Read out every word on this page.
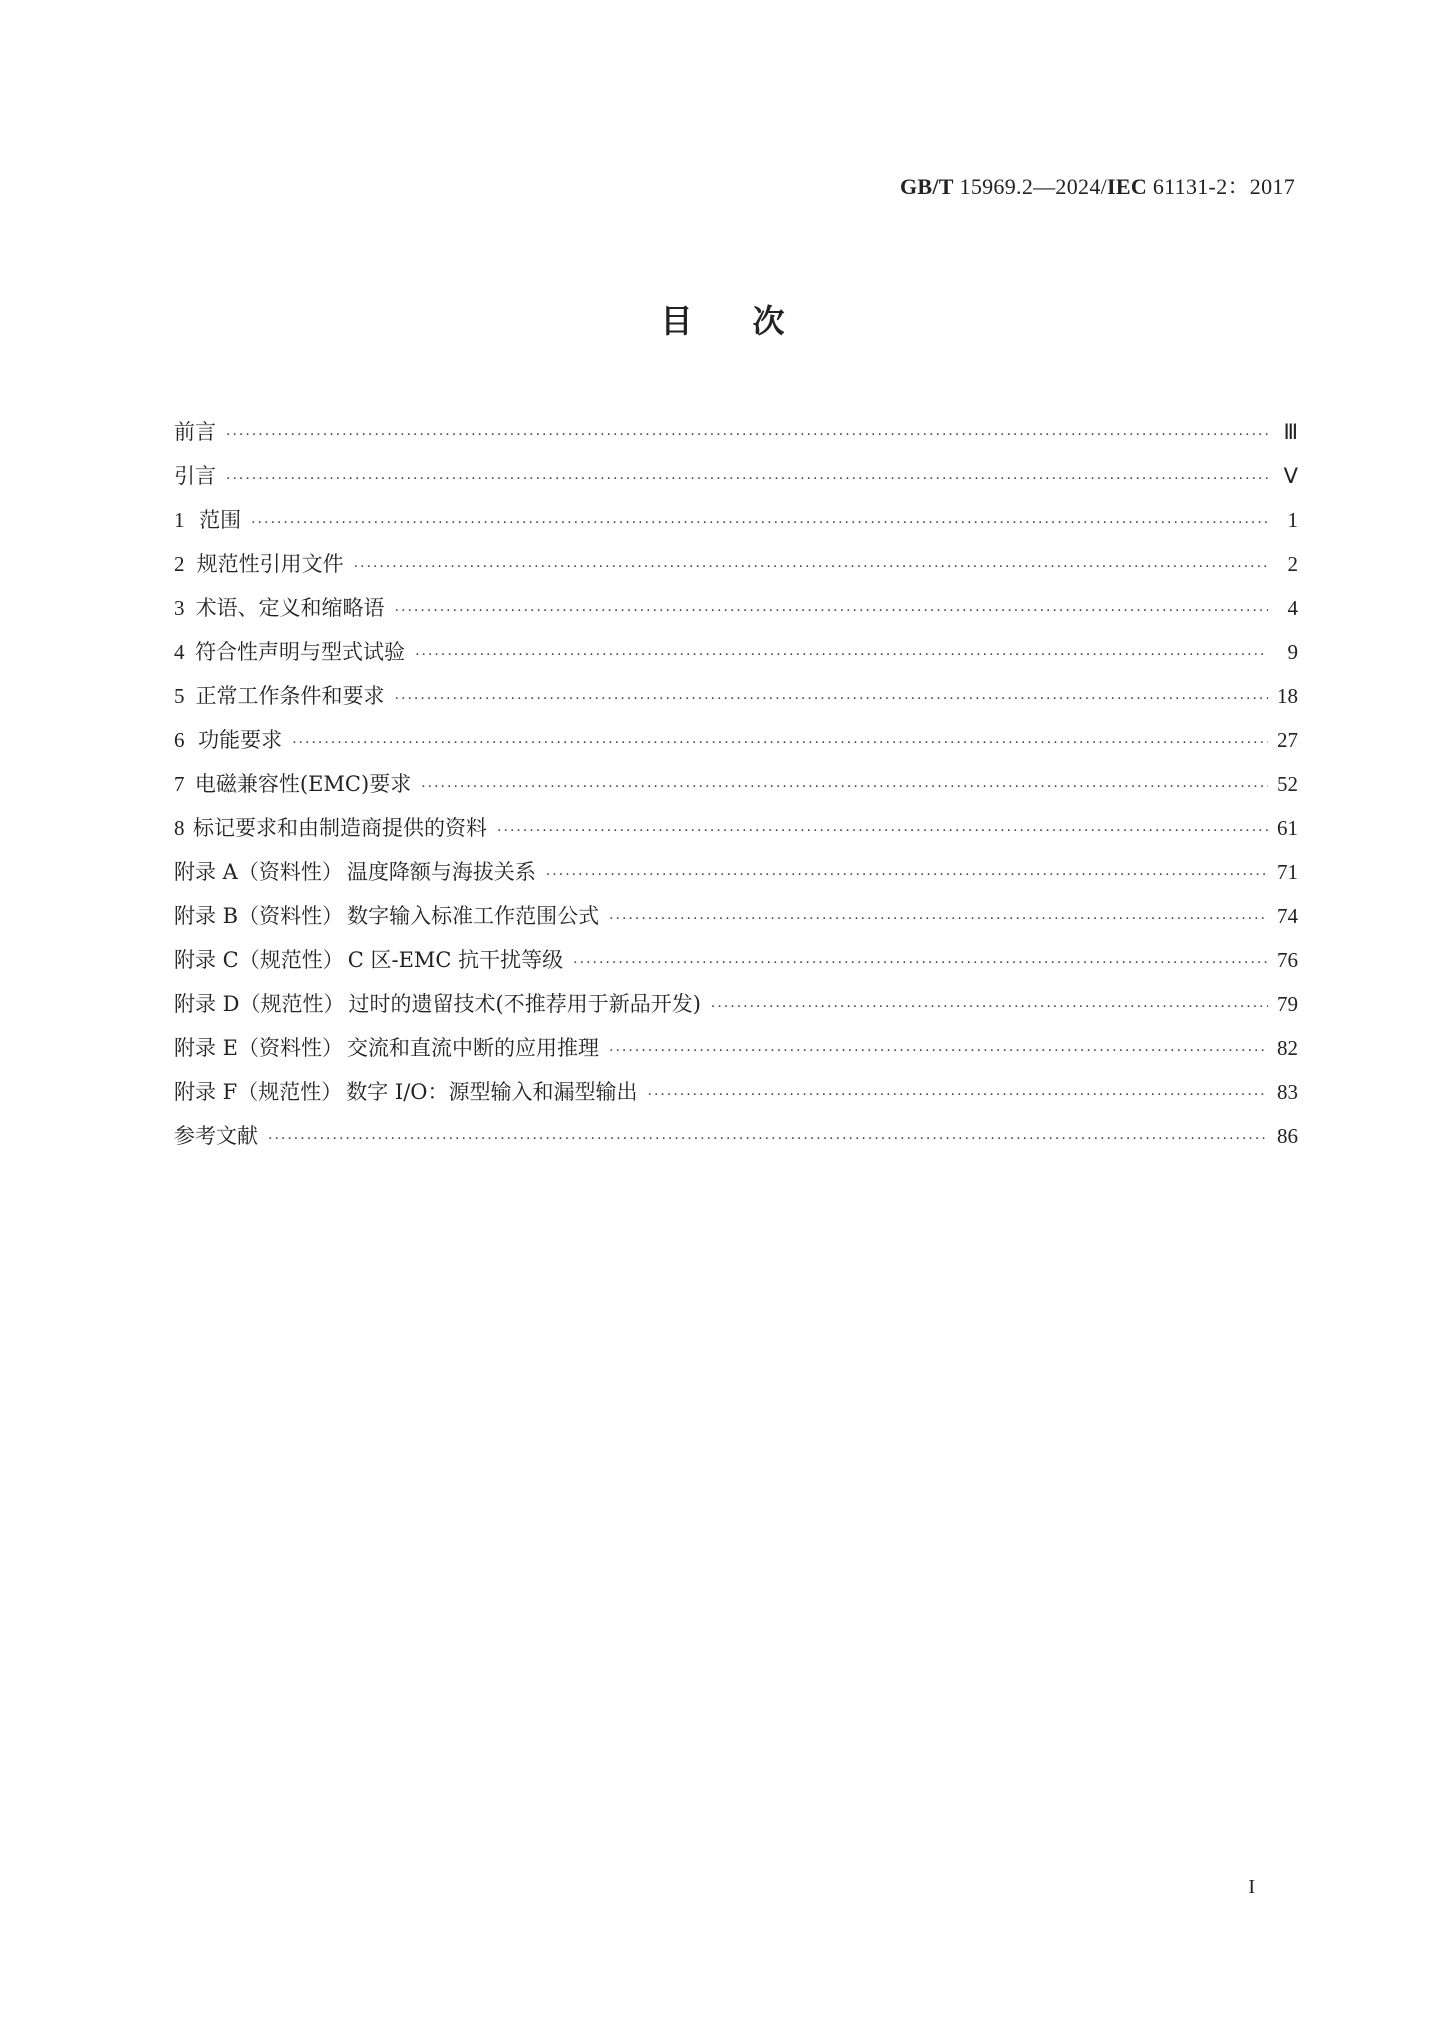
GB/T 15969.2—2024/IEC 61131-2：2017
目次
前言 ·····	Ⅲ
引言 ·····	Ⅴ
1 范围 ·····	1
2 规范性引用文件 ·····	2
3 术语、定义和缩略语 ·····	4
4 符合性声明与型式试验 ·····	9
5 正常工作条件和要求 ·····	18
6 功能要求 ·····	27
7 电磁兼容性(EMC)要求 ·····	52
8 标记要求和由制造商提供的资料 ·····	61
附录 A（资料性） 温度降额与海拔关系 ·····	71
附录 B（资料性） 数字输入标准工作范围公式 ·····	74
附录 C（规范性） C 区-EMC 抗干扰等级 ·····	76
附录 D（规范性） 过时的遗留技术(不推荐用于新品开发) ·····	79
附录 E（资料性） 交流和直流中断的应用推理 ·····	82
附录 F（规范性） 数字 I/O：源型输入和漏型输出 ·····	83
参考文献 ·····	86
I
